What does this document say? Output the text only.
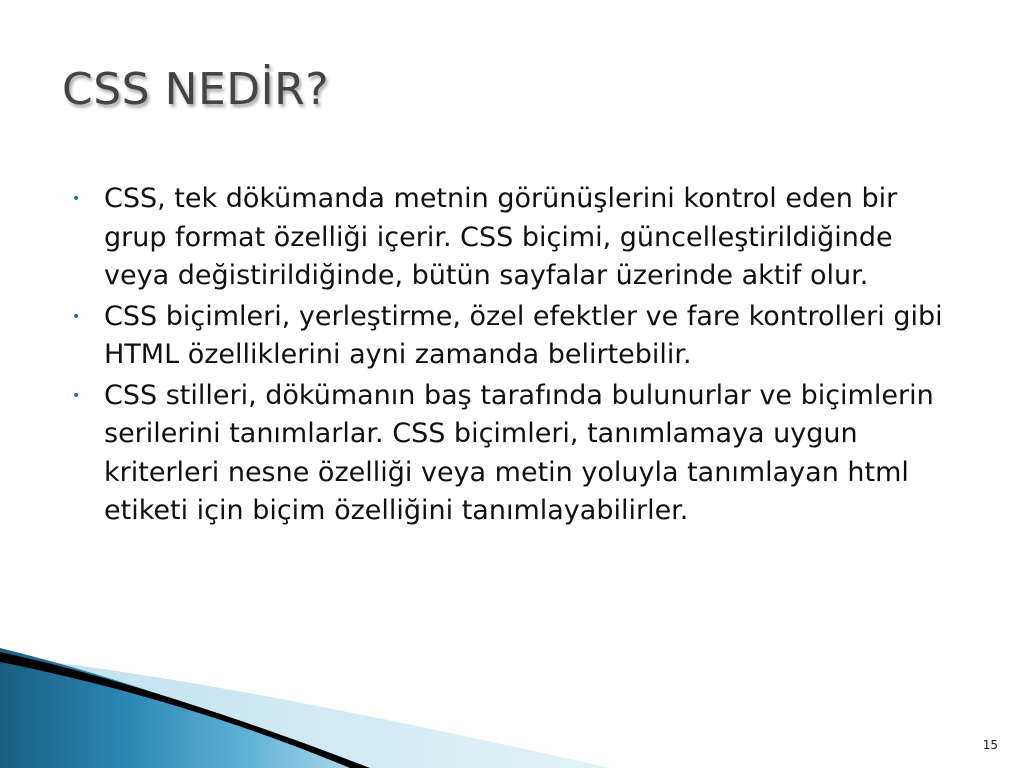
CSS NEDİR?
• CSS, tek dökümanda metnin görünüşlerini kontrol eden bir grup format özelliği içerir. CSS biçimi, güncelleştirildiğinde veya değistirildiğinde, bütün sayfalar üzerinde aktif olur.
• CSS biçimleri, yerleştirme, özel efektler ve fare kontrolleri gibi HTML özelliklerini ayni zamanda belirtebilir.
• CSS stilleri, dökümanın baş tarafında bulunurlar ve biçimlerin serilerini tanımlarlar. CSS biçimleri, tanımlamaya uygun kriterleri nesne özelliği veya metin yoluyla tanımlayan html etiketi için biçim özelliğini tanımlayabilirler.
15
